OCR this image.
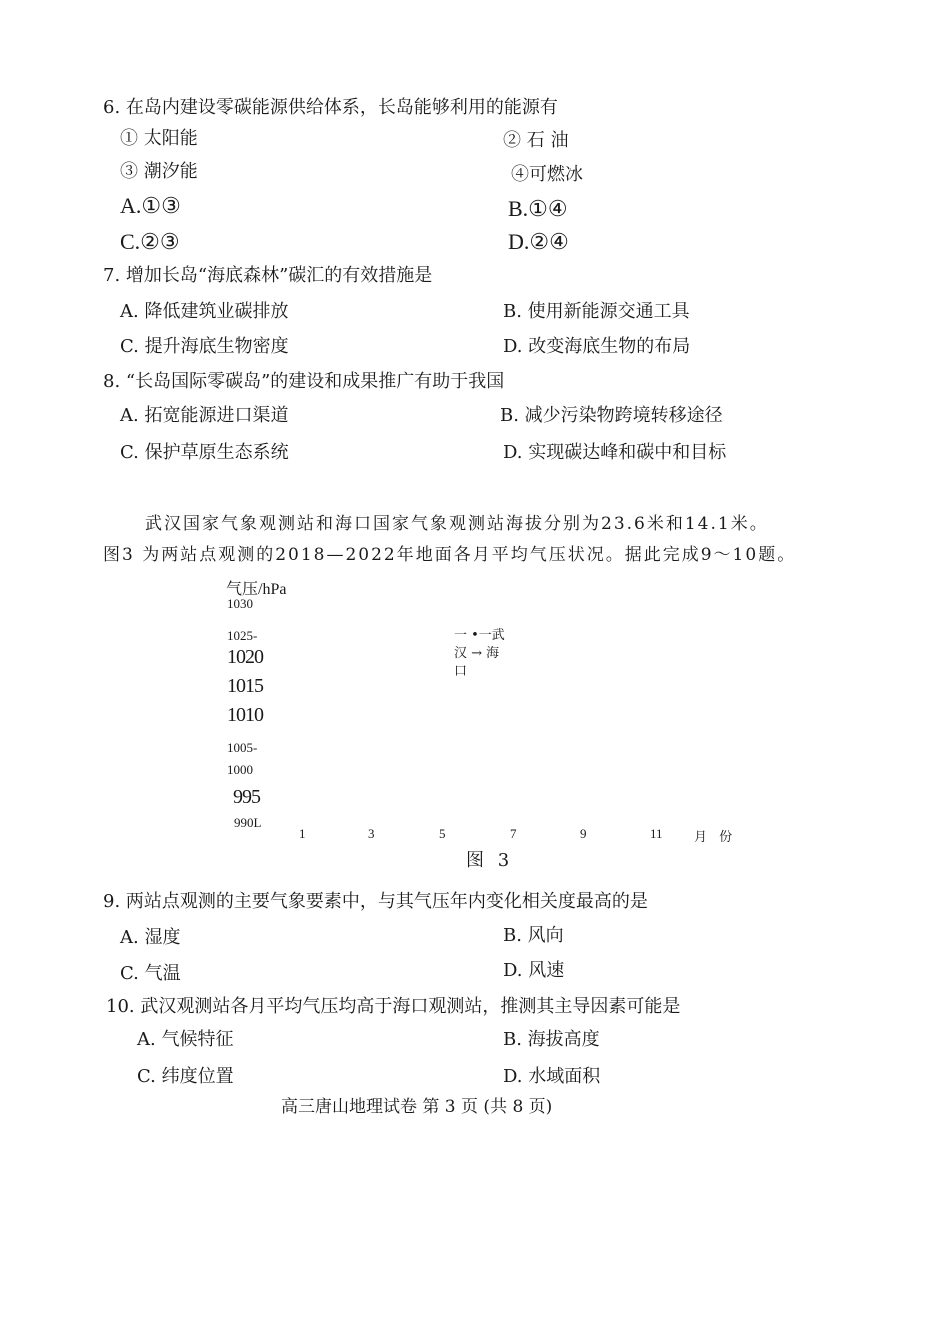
6. 在岛内建设零碳能源供给体系，长岛能够利用的能源有
① 太阳能	② 石 油
③ 潮汐能	④可燃冰
A.①③	B.①④
C.②③	D.②④
7. 增加长岛“海底森林”碳汇的有效措施是
A. 降低建筑业碳排放	B. 使用新能源交通工具
C. 提升海底生物密度	D. 改变海底生物的布局
8. “长岛国际零碳岛”的建设和成果推广有助于我国
A. 拓宽能源进口渠道	B. 减少污染物跨境转移途径
C. 保护草原生态系统	D. 实现碳达峰和碳中和目标
武汉国家气象观测站和海口国家气象观测站海拔分别为23.6米和14.1米。
图3 为两站点观测的2018—2022年地面各月平均气压状况。据此完成9～10题。
气压/hPa
1030
1025-
1020
1015
1010
1005-
1000
995
990L
1	3	5	7	9	11 月 份
一 •一武
汉 → 海
口
图 3
9. 两站点观测的主要气象要素中，与其气压年内变化相关度最高的是
A. 湿度	B. 风向
C. 气温	D. 风速
10. 武汉观测站各月平均气压均高于海口观测站，推测其主导因素可能是
A. 气候特征	B. 海拔高度
C. 纬度位置	D. 水域面积
高三唐山地理试卷 第 3 页 (共 8 页)
